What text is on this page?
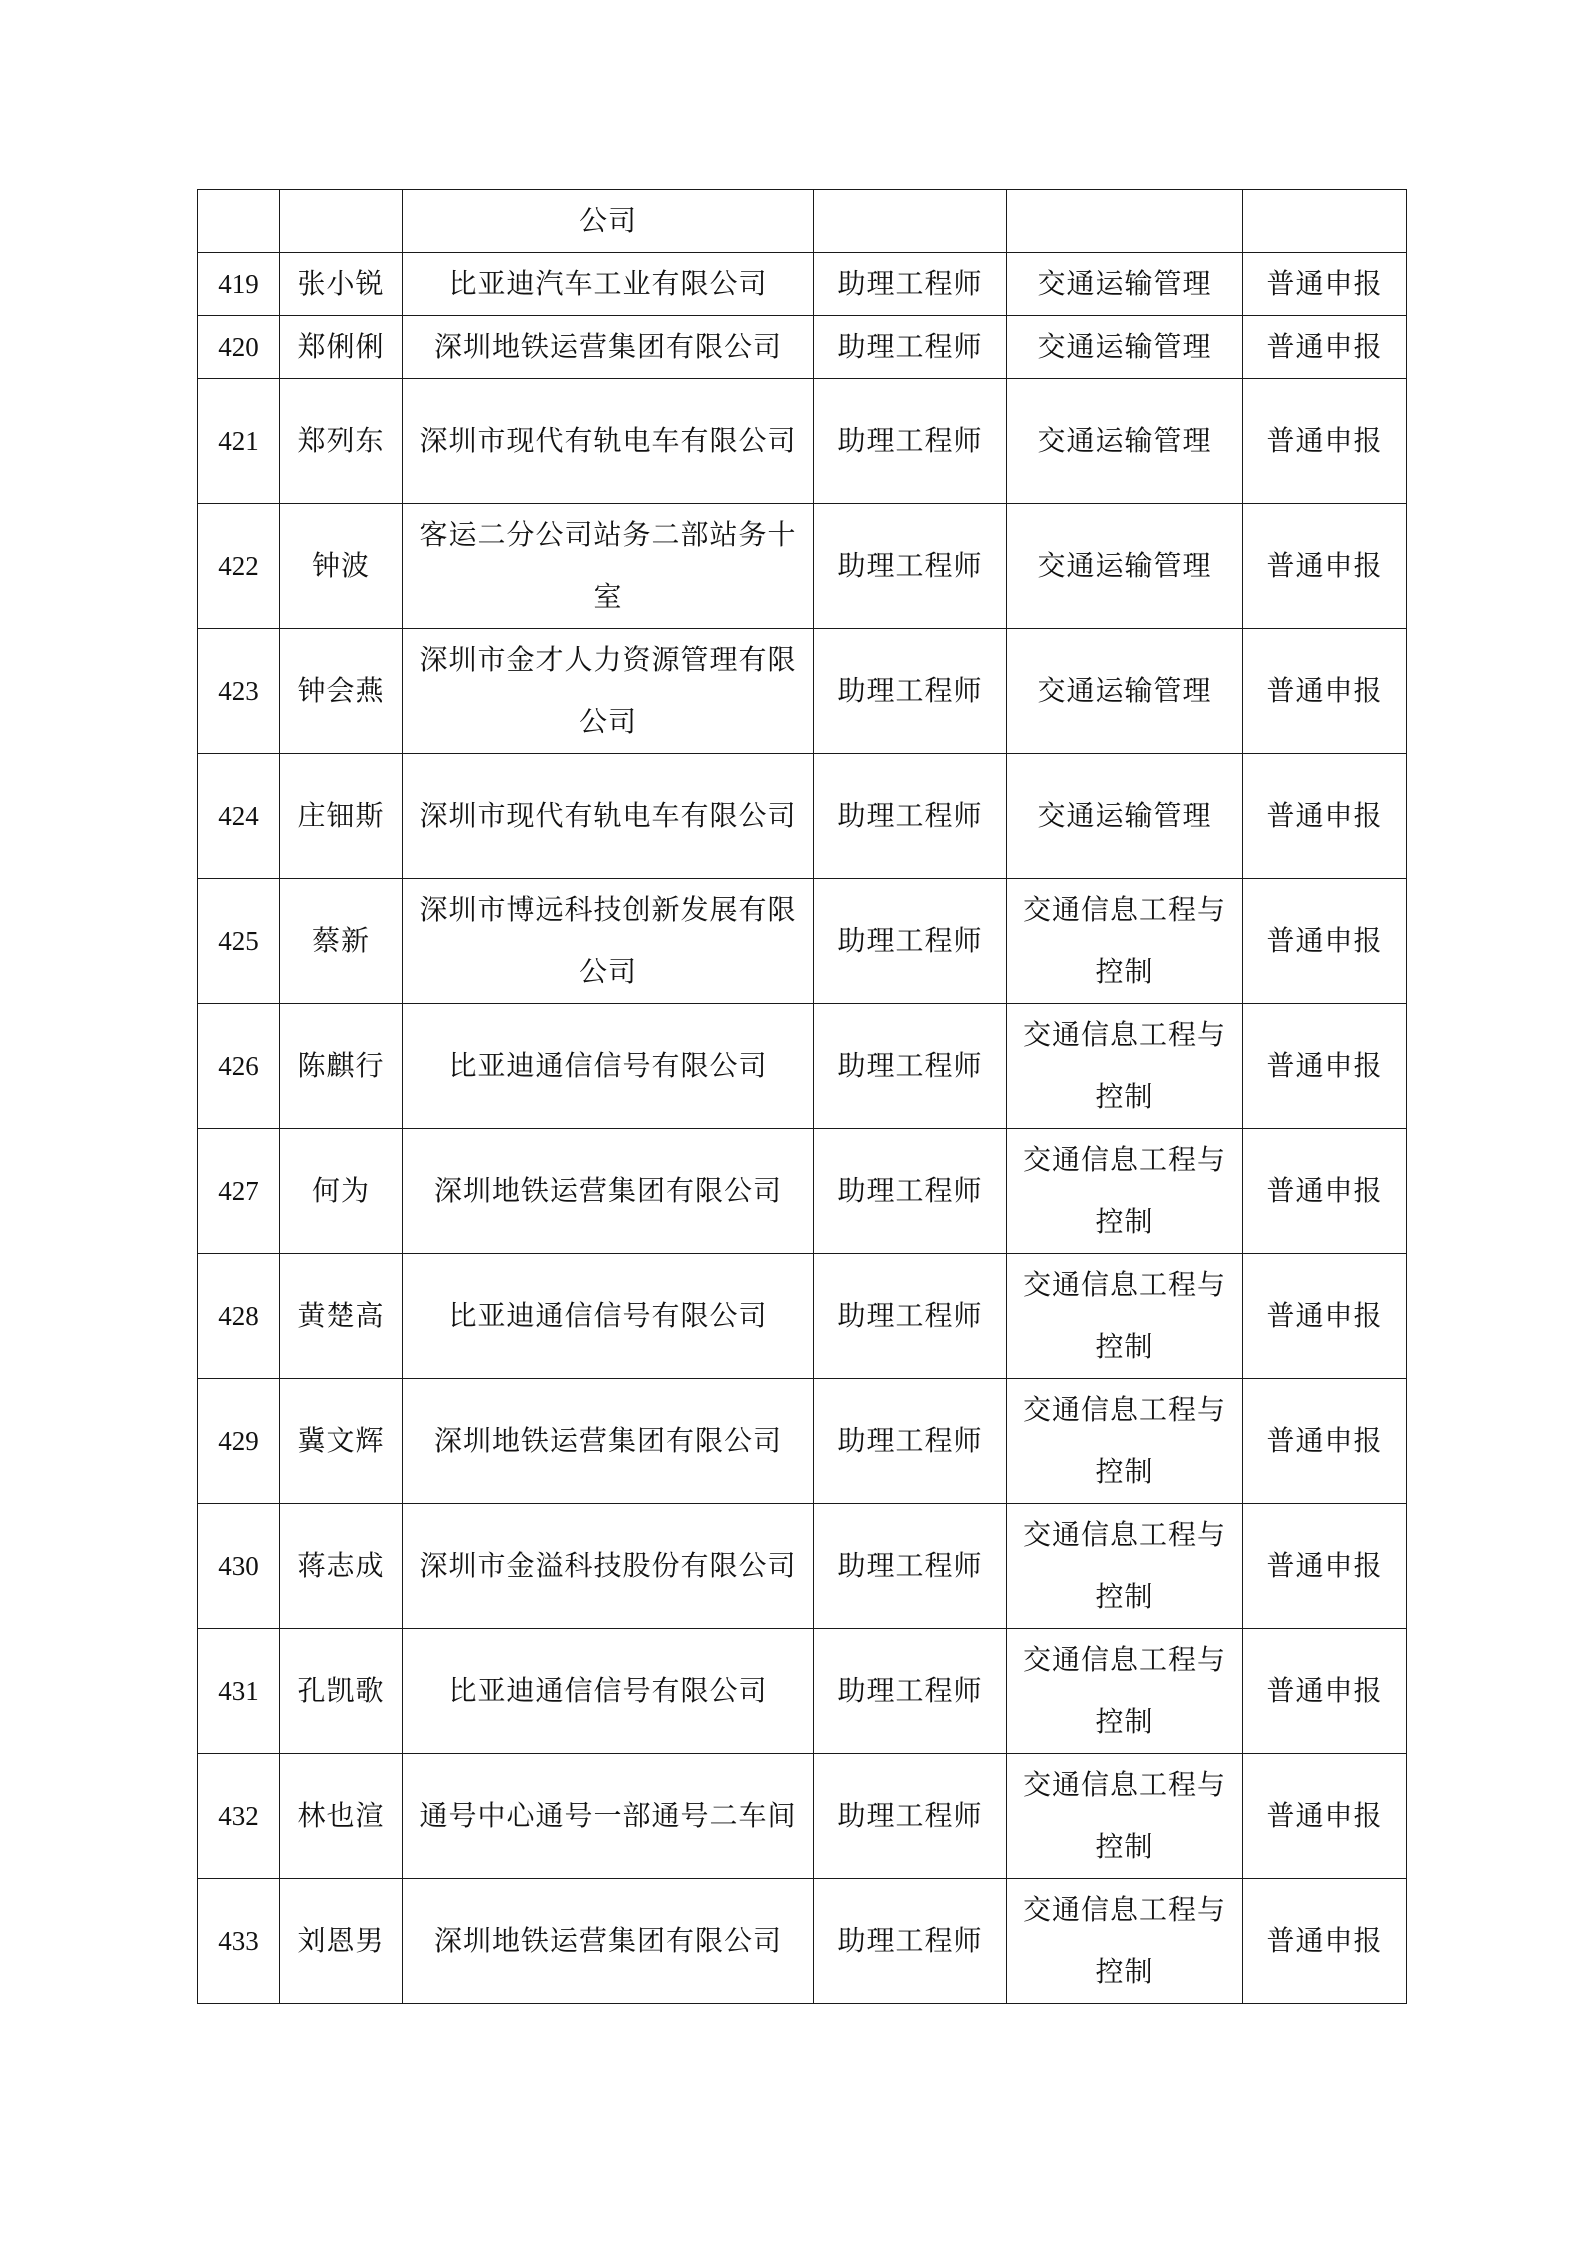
		公司			
419	张小锐	比亚迪汽车工业有限公司	助理工程师	交通运输管理	普通申报
420	郑俐俐	深圳地铁运营集团有限公司	助理工程师	交通运输管理	普通申报
421	郑列东	深圳市现代有轨电车有限公司	助理工程师	交通运输管理	普通申报
422	钟波	客运二分公司站务二部站务十室	助理工程师	交通运输管理	普通申报
423	钟会燕	深圳市金才人力资源管理有限公司	助理工程师	交通运输管理	普通申报
424	庄钿斯	深圳市现代有轨电车有限公司	助理工程师	交通运输管理	普通申报
425	蔡新	深圳市博远科技创新发展有限公司	助理工程师	交通信息工程与控制	普通申报
426	陈麒行	比亚迪通信信号有限公司	助理工程师	交通信息工程与控制	普通申报
427	何为	深圳地铁运营集团有限公司	助理工程师	交通信息工程与控制	普通申报
428	黄楚高	比亚迪通信信号有限公司	助理工程师	交通信息工程与控制	普通申报
429	冀文辉	深圳地铁运营集团有限公司	助理工程师	交通信息工程与控制	普通申报
430	蒋志成	深圳市金溢科技股份有限公司	助理工程师	交通信息工程与控制	普通申报
431	孔凯歌	比亚迪通信信号有限公司	助理工程师	交通信息工程与控制	普通申报
432	林也渲	通号中心通号一部通号二车间	助理工程师	交通信息工程与控制	普通申报
433	刘恩男	深圳地铁运营集团有限公司	助理工程师	交通信息工程与控制	普通申报
